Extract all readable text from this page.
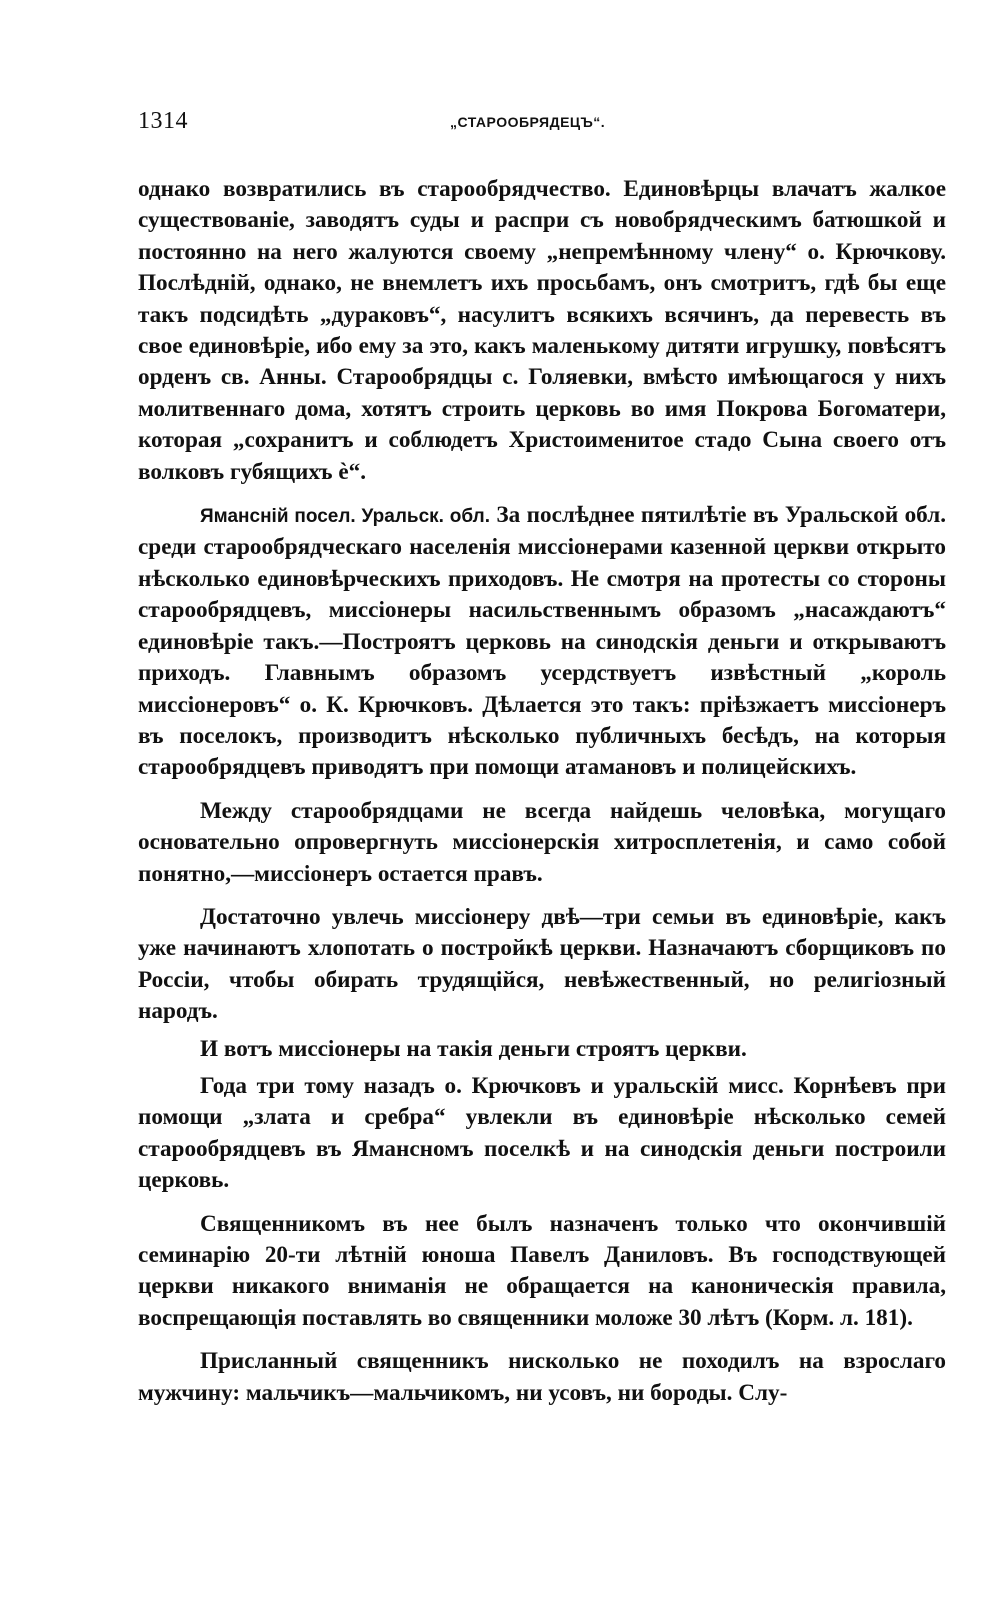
1314	„СТАРООБРЯДЕЦЪ“.

однако возвратились въ старообрядчество. Единовѣрцы влачатъ жалкое существованіе, заводятъ суды и распри съ новобрядческимъ батюшкой и постоянно на него жалуются своему „непремѣнному члену“ о. Крючкову. Послѣдній, однако, не внемлетъ ихъ просьбамъ, онъ смотритъ, гдѣ бы еще такъ подсидѣть „дураковъ“, насулитъ всякихъ всячинъ, да перевесть въ свое единовѣріе, ибо ему за это, какъ маленькому дитяти игрушку, повѣсятъ орденъ св. Анны. Старообрядцы с. Голяевки, вмѣсто имѣющагося у нихъ молитвеннаго дома, хотятъ строить церковь во имя Покрова Богоматери, которая „сохранитъ и соблюдетъ Христоименитое стадо Сына своего отъ волковъ губящихъ ѐ“.

Ямансній посел. Уральск. обл. За послѣднее пятилѣтіе въ Уральской обл. среди старообрядческаго населенія миссіонерами казенной церкви открыто нѣсколько единовѣрческихъ приходовъ. Не смотря на протесты со стороны старообрядцевъ, миссіонеры насильственнымъ образомъ „насаждаютъ“ единовѣріе такъ.—Построятъ церковь на синодскія деньги и открываютъ приходъ. Главнымъ образомъ усердствуетъ извѣстный „король миссіонеровъ“ о. К. Крючковъ. Дѣлается это такъ: пріѣзжаетъ миссіонеръ въ поселокъ, производитъ нѣсколько публичныхъ бесѣдъ, на которыя старообрядцевъ приводятъ при помощи атамановъ и полицейскихъ.

Между старообрядцами не всегда найдешь человѣка, могущаго основательно опровергнуть миссіонерскія хитросплетенія, и само собой понятно,—миссіонеръ остается правъ.

Достаточно увлечь миссіонеру двѣ—три семьи въ единовѣріе, какъ уже начинаютъ хлопотать о постройкѣ церкви. Назначаютъ сборщиковъ по Россіи, чтобы обирать трудящійся, невѣжественный, но религіозный народъ.

И вотъ миссіонеры на такія деньги строятъ церкви.

Года три тому назадъ о. Крючковъ и уральскій мисс. Корнѣевъ при помощи „злата и сребра“ увлекли въ единовѣріе нѣсколько семей старообрядцевъ въ Ямансномъ поселкѣ и на синодскія деньги построили церковь.

Священникомъ въ нее былъ назначенъ только что окончившій семинарію 20-ти лѣтній юноша Павелъ Даниловъ. Въ господствующей церкви никакого вниманія не обращается на каноническія правила, воспрещающія поставлять во священники моложе 30 лѣтъ (Корм. л. 181).

Присланный священникъ нисколько не походилъ на взрослаго мужчину: мальчикъ—мальчикомъ, ни усовъ, ни бороды. Слу-
